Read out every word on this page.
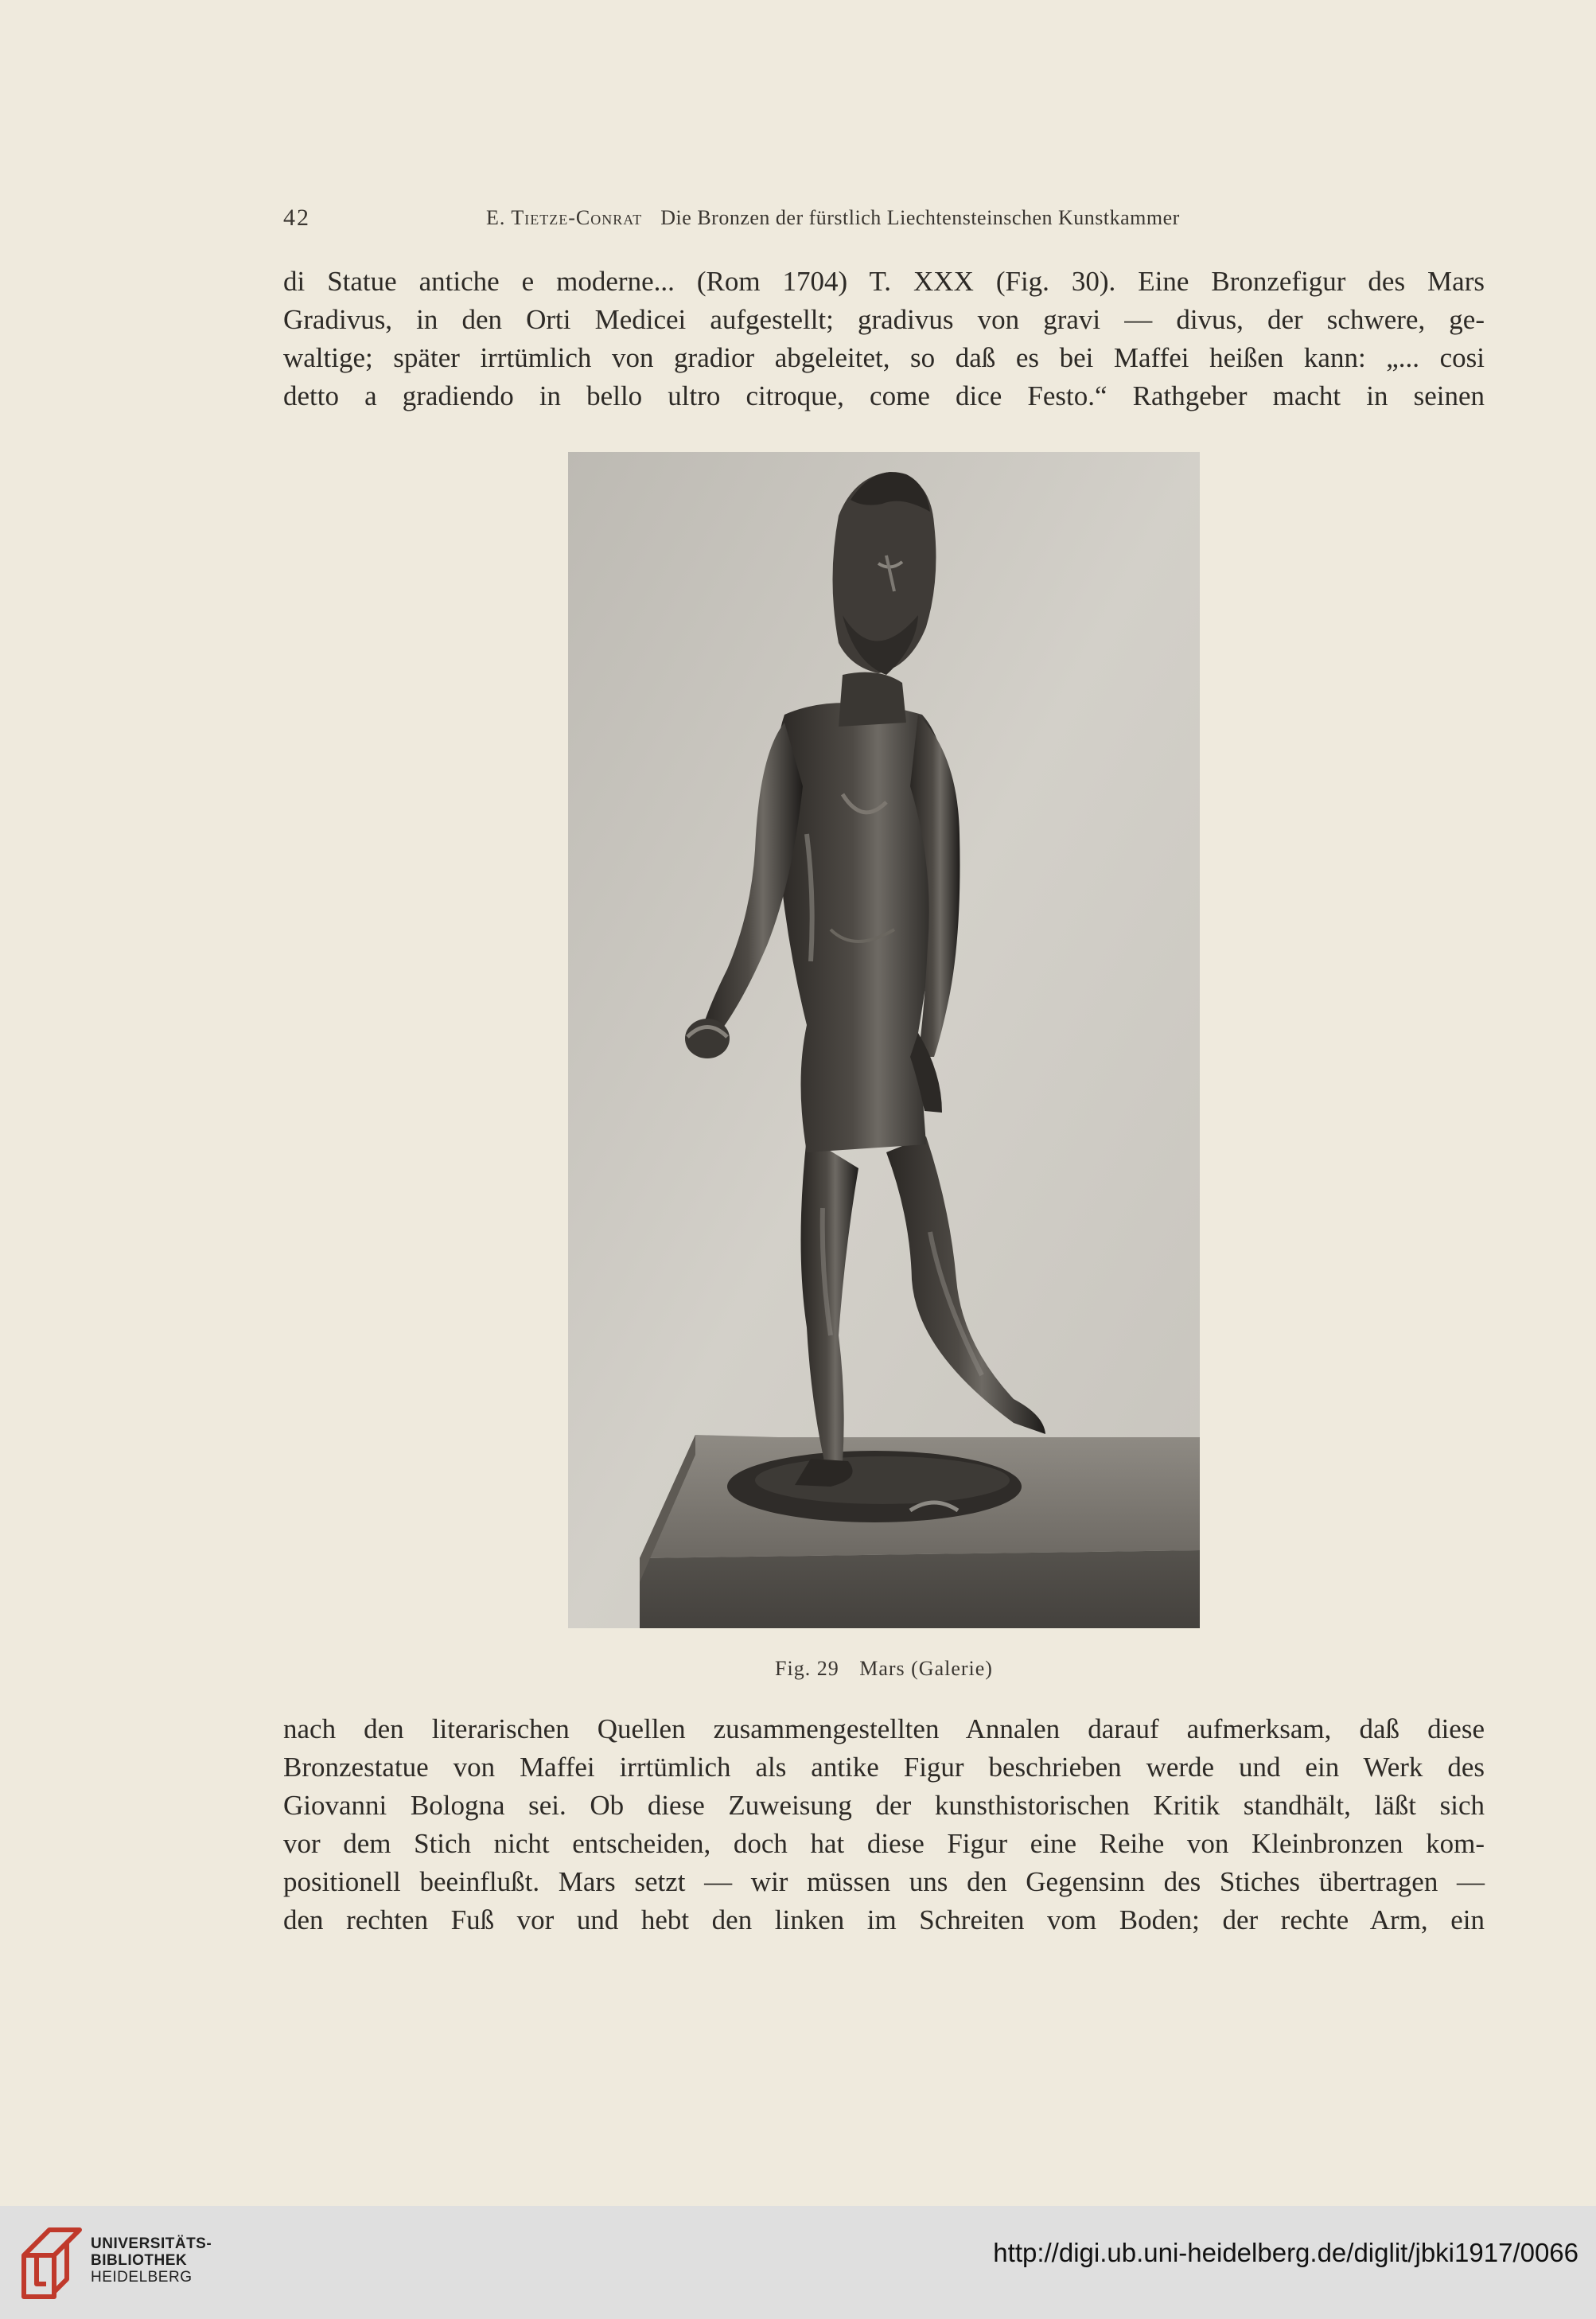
42	E. Tietze-Conrat Die Bronzen der fürstlich Liechtensteinschen Kunstkammer
di Statue antiche e moderne... (Rom 1704) T. XXX (Fig. 30). Eine Bronzefigur des Mars
Gradivus, in den Orti Medicei aufgestellt; gradivus von gravi — divus, der schwere, ge-
waltige; später irrtümlich von gradior abgeleitet, so daß es bei Maffei heißen kann: „... cosi
detto a gradiendo in bello ultro citroque, come dice Festo.“ Rathgeber macht in seinen
Fig. 29 Mars (Galerie)
nach den literarischen Quellen zusammengestellten Annalen darauf aufmerksam, daß diese
Bronzestatue von Maffei irrtümlich als antike Figur beschrieben werde und ein Werk des
Giovanni Bologna sei. Ob diese Zuweisung der kunsthistorischen Kritik standhält, läßt sich
vor dem Stich nicht entscheiden, doch hat diese Figur eine Reihe von Kleinbronzen kom-
positionell beeinflußt. Mars setzt — wir müssen uns den Gegensinn des Stiches übertragen —
den rechten Fuß vor und hebt den linken im Schreiten vom Boden; der rechte Arm, ein
UNIVERSITÄTS-
BIBLIOTHEK
HEIDELBERG
http://digi.ub.uni-heidelberg.de/diglit/jbki1917/0066
